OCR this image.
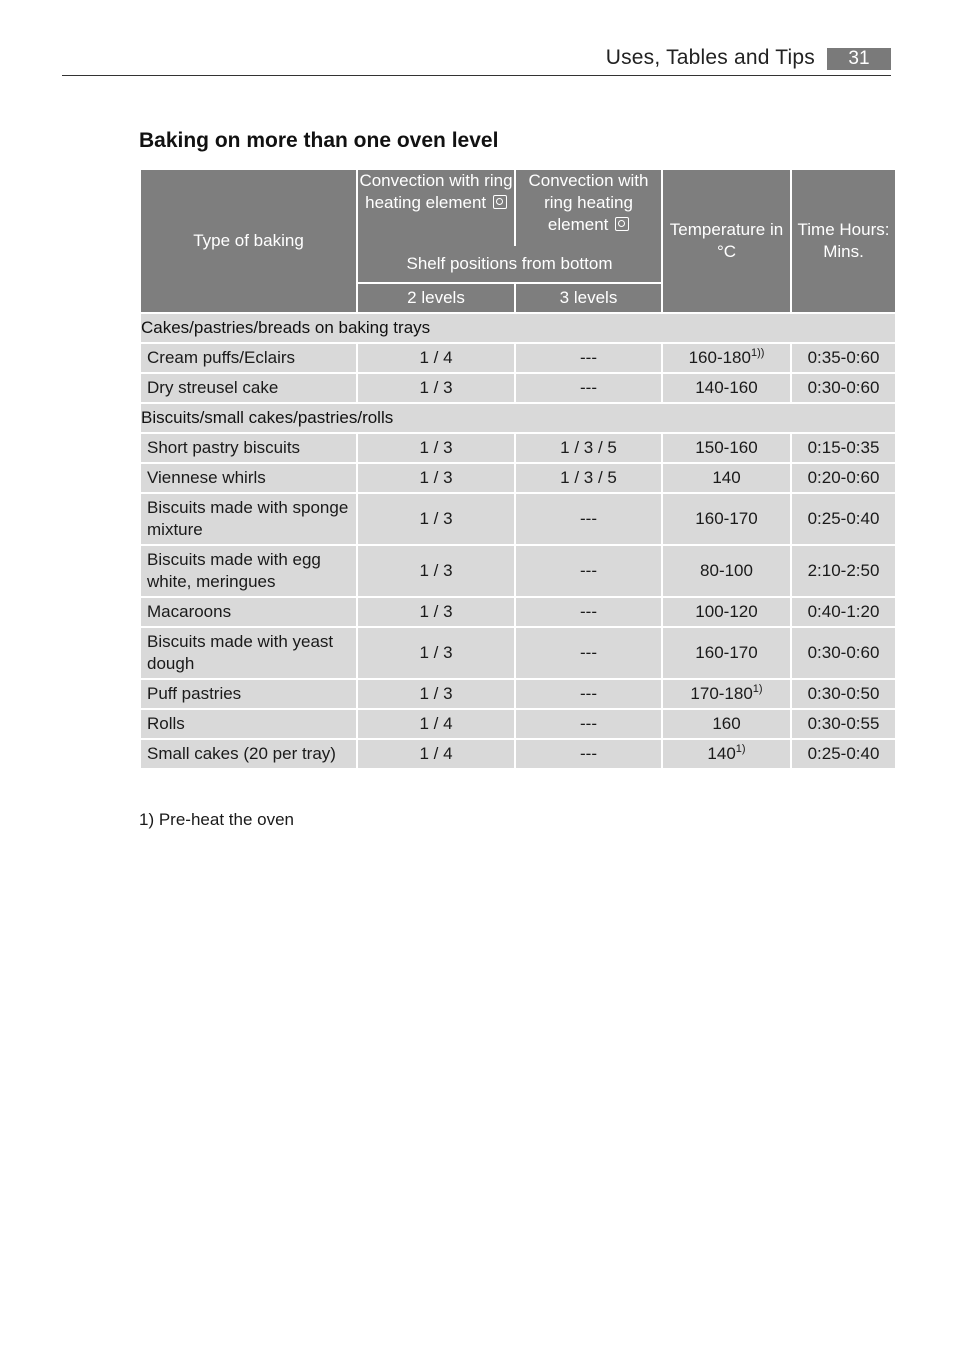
Uses, Tables and Tips	31
Baking on more than one oven level
Type of baking	Convection with ring heating element	Convection with ring heating element	Temperature in °C	Time Hours: Mins.
	Shelf positions from bottom			
	2 levels	3 levels		
Cakes/pastries/breads on baking trays				
Cream puffs/Eclairs	1 / 4	---	$160-180^{1))}$	0:35-0:60
Dry streusel cake	1 / 3	---	140-160	0:30-0:60
Biscuits/small cakes/pastries/rolls				
Short pastry biscuits	1 / 3	1 / 3 / 5	150-160	0:15-0:35
Viennese whirls	1 / 3	1 / 3 / 5	140	0:20-0:60
Biscuits made with sponge mixture	1 / 3	---	160-170	0:25-0:40
Biscuits made with egg white, meringues	1 / 3	---	80-100	2:10-2:50
Macaroons	1 / 3	---	100-120	0:40-1:20
Biscuits made with yeast dough	1 / 3	---	160-170	0:30-0:60
Puff pastries	1 / 3	---	170-180$^{1)}$	0:30-0:50
Rolls	1 / 4	---	160	0:30-0:55
Small cakes (20 per tray)	1 / 4	---	140$^{1)}$	0:25-0:40
1) Pre-heat the oven
